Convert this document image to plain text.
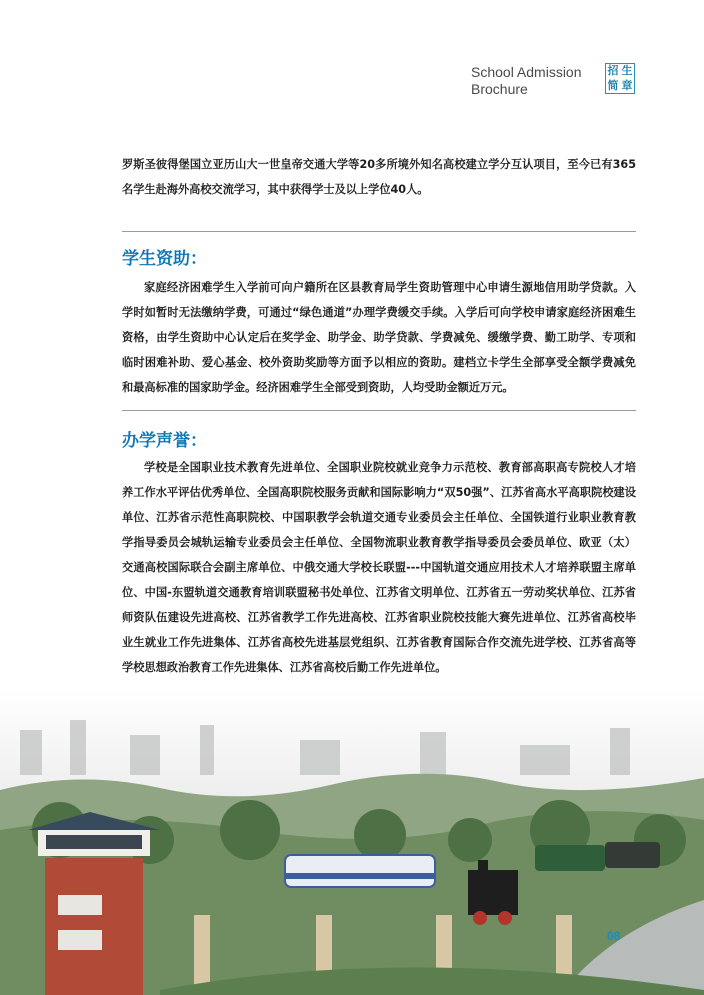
School Admission
Brochure
招 生
简 章

罗斯圣彼得堡国立亚历山大一世皇帝交通大学等20多所境外知名高校建立学分互认项目，至今已有365名学生赴海外高校交流学习，其中获得学士及以上学位40人。

学生资助：

家庭经济困难学生入学前可向户籍所在区县教育局学生资助管理中心申请生源地信用助学贷款。入学时如暂时无法缴纳学费，可通过“绿色通道”办理学费缓交手续。入学后可向学校申请家庭经济困难生资格，由学生资助中心认定后在奖学金、助学金、助学贷款、学费减免、缓缴学费、勤工助学、专项和临时困难补助、爱心基金、校外资助奖励等方面予以相应的资助。建档立卡学生全部享受全额学费减免和最高标准的国家助学金。经济困难学生全部受到资助，人均受助金额近万元。

办学声誉：

学校是全国职业技术教育先进单位、全国职业院校就业竞争力示范校、教育部高职高专院校人才培养工作水平评估优秀单位、全国高职院校服务贡献和国际影响力“双50强”、江苏省高水平高职院校建设单位、江苏省示范性高职院校、中国职教学会轨道交通专业委员会主任单位、全国铁道行业职业教育教学指导委员会城轨运输专业委员会主任单位、全国物流职业教育教学指导委员会委员单位、欧亚（太）交通高校国际联合会副主席单位、中俄交通大学校长联盟---中国轨道交通应用技术人才培养联盟主席单位、中国-东盟轨道交通教育培训联盟秘书处单位、江苏省文明单位、江苏省五一劳动奖状单位、江苏省师资队伍建设先进高校、江苏省教学工作先进高校、江苏省职业院校技能大赛先进单位、江苏省高校毕业生就业工作先进集体、江苏省高校先进基层党组织、江苏省教育国际合作交流先进学校、江苏省高等学校思想政治教育工作先进集体、江苏省高校后勤工作先进单位。

08
